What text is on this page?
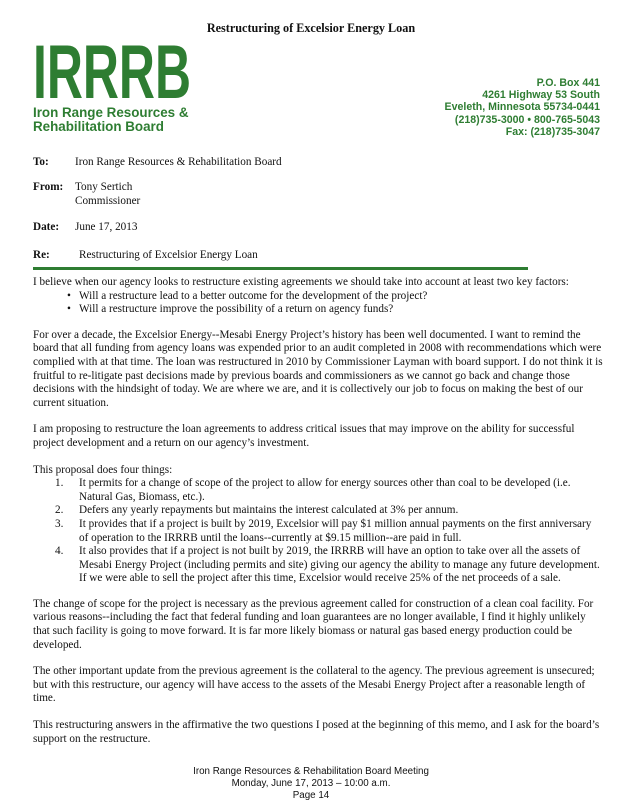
Restructuring of Excelsior Energy Loan
IRRRB
Iron Range Resources &
Rehabilitation Board
P.O. Box 441
4261 Highway 53 South
Eveleth, Minnesota 55734-0441
(218)735-3000 • 800-765-5043
Fax: (218)735-3047
To: Iron Range Resources & Rehabilitation Board
From: Tony Sertich
Commissioner
Date: June 17, 2013
Re:	Restructuring of Excelsior Energy Loan
I believe when our agency looks to restructure existing agreements we should take into account at least two key factors:
• Will a restructure lead to a better outcome for the development of the project?
• Will a restructure improve the possibility of a return on agency funds?

For over a decade, the Excelsior Energy--Mesabi Energy Project’s history has been well documented. I want to remind the board that all funding from agency loans was expended prior to an audit completed in 2008 with recommendations which were complied with at that time. The loan was restructured in 2010 by Commissioner Layman with board support. I do not think it is fruitful to re-litigate past decisions made by previous boards and commissioners as we cannot go back and change those decisions with the hindsight of today. We are where we are, and it is collectively our job to focus on making the best of our current situation.

I am proposing to restructure the loan agreements to address critical issues that may improve on the ability for successful project development and a return on our agency’s investment.

This proposal does four things:
1. It permits for a change of scope of the project to allow for energy sources other than coal to be developed (i.e. Natural Gas, Biomass, etc.).
2. Defers any yearly repayments but maintains the interest calculated at 3% per annum.
3. It provides that if a project is built by 2019, Excelsior will pay $1 million annual payments on the first anniversary of operation to the IRRRB until the loans--currently at $9.15 million--are paid in full.
4. It also provides that if a project is not built by 2019, the IRRRB will have an option to take over all the assets of Mesabi Energy Project (including permits and site) giving our agency the ability to manage any future development. If we were able to sell the project after this time, Excelsior would receive 25% of the net proceeds of a sale.

The change of scope for the project is necessary as the previous agreement called for construction of a clean coal facility. For various reasons--including the fact that federal funding and loan guarantees are no longer available, I find it highly unlikely that such facility is going to move forward. It is far more likely biomass or natural gas based energy production could be developed.

The other important update from the previous agreement is the collateral to the agency. The previous agreement is unsecured; but with this restructure, our agency will have access to the assets of the Mesabi Energy Project after a reasonable length of time.

This restructuring answers in the affirmative the two questions I posed at the beginning of this memo, and I ask for the board’s support on the restructure.

Iron Range Resources & Rehabilitation Board Meeting
Monday, June 17, 2013 – 10:00 a.m.
Page 14
